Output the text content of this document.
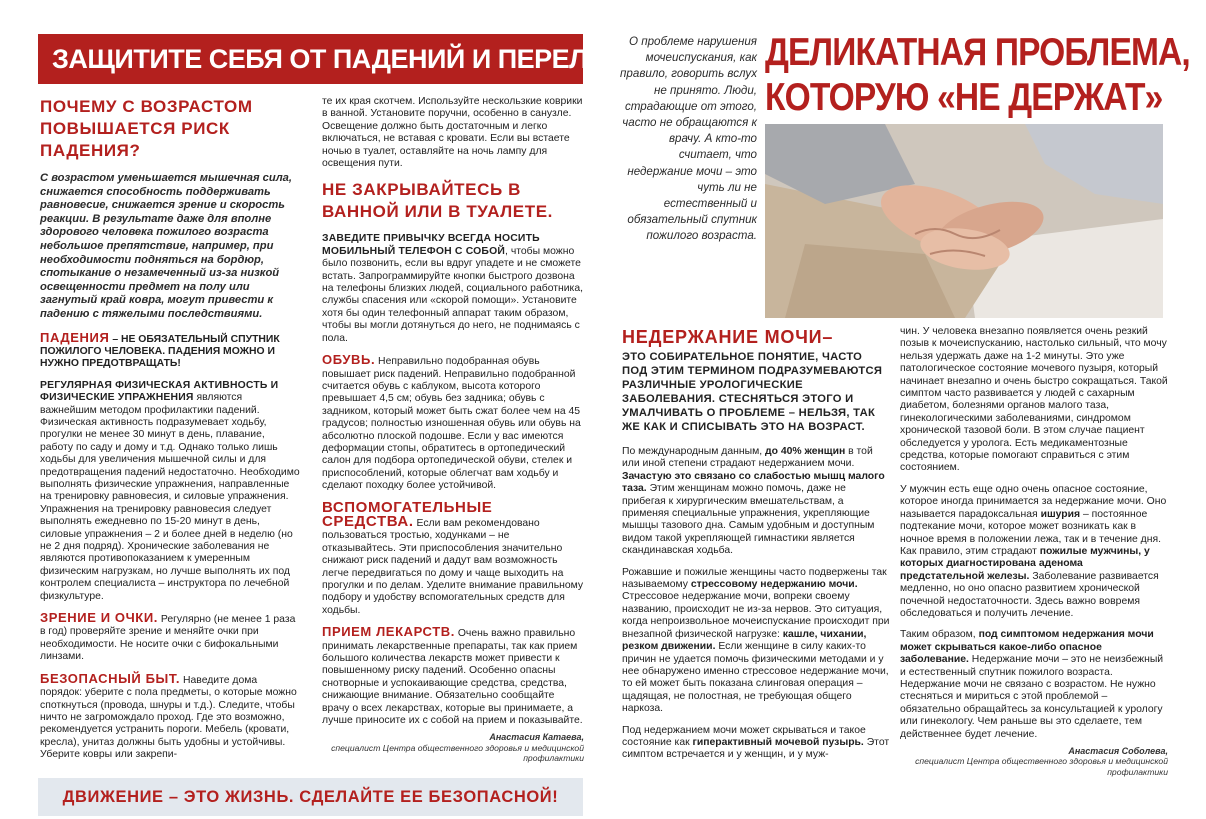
ЗАЩИТИТЕ СЕБЯ ОТ ПАДЕНИЙ И ПЕРЕЛОМОВ
ПОЧЕМУ С ВОЗРАСТОМ ПОВЫШАЕТСЯ РИСК ПАДЕНИЯ?
С возрастом уменьшается мышечная сила, снижается способность поддерживать равновесие, снижается зрение и скорость реакции. В результате даже для вполне здорового человека пожилого возраста небольшое препятствие, например, при необходимости подняться на бордюр, спотыкание о незамеченный из-за низкой освещенности предмет на полу или загнутый край ковра, могут привести к падению с тяжелыми последствиями.

ПАДЕНИЯ – НЕ ОБЯЗАТЕЛЬНЫЙ СПУТНИК ПОЖИЛОГО ЧЕЛОВЕКА. ПАДЕНИЯ МОЖНО И НУЖНО ПРЕДОТВРАЩАТЬ!

РЕГУЛЯРНАЯ ФИЗИЧЕСКАЯ АКТИВНОСТЬ И ФИЗИЧЕСКИЕ УПРАЖНЕНИЯ являются важнейшим методом профилактики падений. Физическая активность подразумевает ходьбу, прогулки не менее 30 минут в день, плавание, работу по саду и дому и т.д. Однако только лишь ходьбы для увеличения мышечной силы и для предотвращения падений недостаточно. Необходимо выполнять физические упражнения, направленные на тренировку равновесия, и силовые упражнения. Упражнения на тренировку равновесия следует выполнять ежедневно по 15-20 минут в день, силовые упражнения – 2 и более дней в неделю (но не 2 дня подряд). Хронические заболевания не являются противопоказанием к умеренным физическим нагрузкам, но лучше выполнять их под контролем специалиста – инструктора по лечебной физкультуре.

ЗРЕНИЕ И ОЧКИ. Регулярно (не менее 1 раза в год) проверяйте зрение и меняйте очки при необходимости. Не носите очки с бифокальными линзами.

БЕЗОПАСНЫЙ БЫТ. Наведите дома порядок: уберите с пола предметы, о которые можно споткнуться (провода, шнуры и т.д.). Следите, чтобы ничто не загромождало проход. Где это возможно, рекомендуется устранить пороги. Мебель (кровати, кресла), унитаз должны быть удобны и устойчивы. Уберите ковры или закрепи-

те их края скотчем. Используйте нескользкие коврики в ванной. Установите поручни, особенно в санузле. Освещение должно быть достаточным и легко включаться, не вставая с кровати. Если вы встаете ночью в туалет, оставляйте на ночь лампу для освещения пути.

НЕ ЗАКРЫВАЙТЕСЬ В ВАННОЙ ИЛИ В ТУАЛЕТЕ.

ЗАВЕДИТЕ ПРИВЫЧКУ ВСЕГДА НОСИТЬ МОБИЛЬНЫЙ ТЕЛЕФОН С СОБОЙ, чтобы можно было позвонить, если вы вдруг упадете и не сможете встать. Запрограммируйте кнопки быстрого дозвона на телефоны близких людей, социального работника, службы спасения или «скорой помощи». Установите хотя бы один телефонный аппарат таким образом, чтобы вы могли дотянуться до него, не поднимаясь с пола.

ОБУВЬ. Неправильно подобранная обувь повышает риск падений. Неправильно подобранной считается обувь с каблуком, высота которого превышает 4,5 см; обувь без задника; обувь с задником, который может быть сжат более чем на 45 градусов; полностью изношенная обувь или обувь на абсолютно плоской подошве. Если у вас имеются деформации стопы, обратитесь в ортопедический салон для подбора ортопедической обуви, стелек и приспособлений, которые облегчат вам ходьбу и сделают походку более устойчивой.

ВСПОМОГАТЕЛЬНЫЕ СРЕДСТВА. Если вам рекомендовано пользоваться тростью, ходунками – не отказывайтесь. Эти приспособления значительно снижают риск падений и дадут вам возможность легче передвигаться по дому и чаще выходить на прогулки и по делам. Уделите внимание правильному подбору и удобству вспомогательных средств для ходьбы.

ПРИЕМ ЛЕКАРСТВ. Очень важно правильно принимать лекарственные препараты, так как прием большого количества лекарств может привести к повышенному риску падений. Особенно опасны снотворные и успокаивающие средства, средства, снижающие внимание. Обязательно сообщайте врачу о всех лекарствах, которые вы принимаете, а лучше приносите их с собой на прием и показывайте.

Анастасия Катаева,
специалист Центра общественного здоровья и медицинской профилактики
ДВИЖЕНИЕ – ЭТО ЖИЗНЬ. СДЕЛАЙТЕ ЕЕ БЕЗОПАСНОЙ!
О проблеме нарушения мочеиспускания, как правило, говорить вслух не принято. Люди, страдающие от этого, часто не обращаются к врачу. А кто-то считает, что недержание мочи – это чуть ли не естественный и обязательный спутник пожилого возраста.
ДЕЛИКАТНАЯ ПРОБЛЕМА,
КОТОРУЮ «НЕ ДЕРЖАТ»
НЕДЕРЖАНИЕ МОЧИ–
ЭТО СОБИРАТЕЛЬНОЕ ПОНЯТИЕ, ЧАСТО ПОД ЭТИМ ТЕРМИНОМ ПОДРАЗУМЕВАЮТСЯ РАЗЛИЧНЫЕ УРОЛОГИЧЕСКИЕ ЗАБОЛЕВАНИЯ. СТЕСНЯТЬСЯ ЭТОГО И УМАЛЧИВАТЬ О ПРОБЛЕМЕ – НЕЛЬЗЯ, ТАК ЖЕ КАК И СПИСЫВАТЬ ЭТО НА ВОЗРАСТ.

По международным данным, до 40% женщин в той или иной степени страдают недержанием мочи. Зачастую это связано со слабостью мышц малого таза. Этим женщинам можно помочь, даже не прибегая к хирургическим вмешательствам, а применяя специальные упражнения, укрепляющие мышцы тазового дна. Самым удобным и доступным видом такой укрепляющей гимнастики является скандинавская ходьба.

Рожавшие и пожилые женщины часто подвержены так называемому стрессовому недержанию мочи. Стрессовое недержание мочи, вопреки своему названию, происходит не из-за нервов. Это ситуация, когда непроизвольное мочеиспускание происходит при внезапной физической нагрузке: кашле, чихании, резком движении. Если женщине в силу каких-то причин не удается помочь физическими методами и у нее обнаружено именно стрессовое недержание мочи, то ей может быть показана слинговая операция – щадящая, не полостная, не требующая общего наркоза.

Под недержанием мочи может скрываться и такое состояние как гиперактивный мочевой пузырь. Этот симптом встречается и у женщин, и у муж-

чин. У человека внезапно появляется очень резкий позыв к мочеиспусканию, настолько сильный, что мочу нельзя удержать даже на 1-2 минуты. Это уже патологическое состояние мочевого пузыря, который начинает внезапно и очень быстро сокращаться. Такой симптом часто развивается у людей с сахарным диабетом, болезнями органов малого таза, гинекологическими заболеваниями, синдромом хронической тазовой боли. В этом случае пациент обследуется у уролога. Есть медикаментозные средства, которые помогают справиться с этим состоянием.

У мужчин есть еще одно очень опасное состояние, которое иногда принимается за недержание мочи. Оно называется парадоксальная ишурия – постоянное подтекание мочи, которое может возникать как в ночное время в положении лежа, так и в течение дня. Как правило, этим страдают пожилые мужчины, у которых диагностирована аденома предстательной железы. Заболевание развивается медленно, но оно опасно развитием хронической почечной недостаточности. Здесь важно вовремя обследоваться и получить лечение.

Таким образом, под симптомом недержания мочи может скрываться какое-либо опасное заболевание. Недержание мочи – это не неизбежный и естественный спутник пожилого возраста. Недержание мочи не связано с возрастом. Не нужно стесняться и мириться с этой проблемой – обязательно обращайтесь за консультацией к урологу или гинекологу. Чем раньше вы это сделаете, тем действеннее будет лечение.

Анастасия Соболева,
специалист Центра общественного здоровья и медицинской профилактики
